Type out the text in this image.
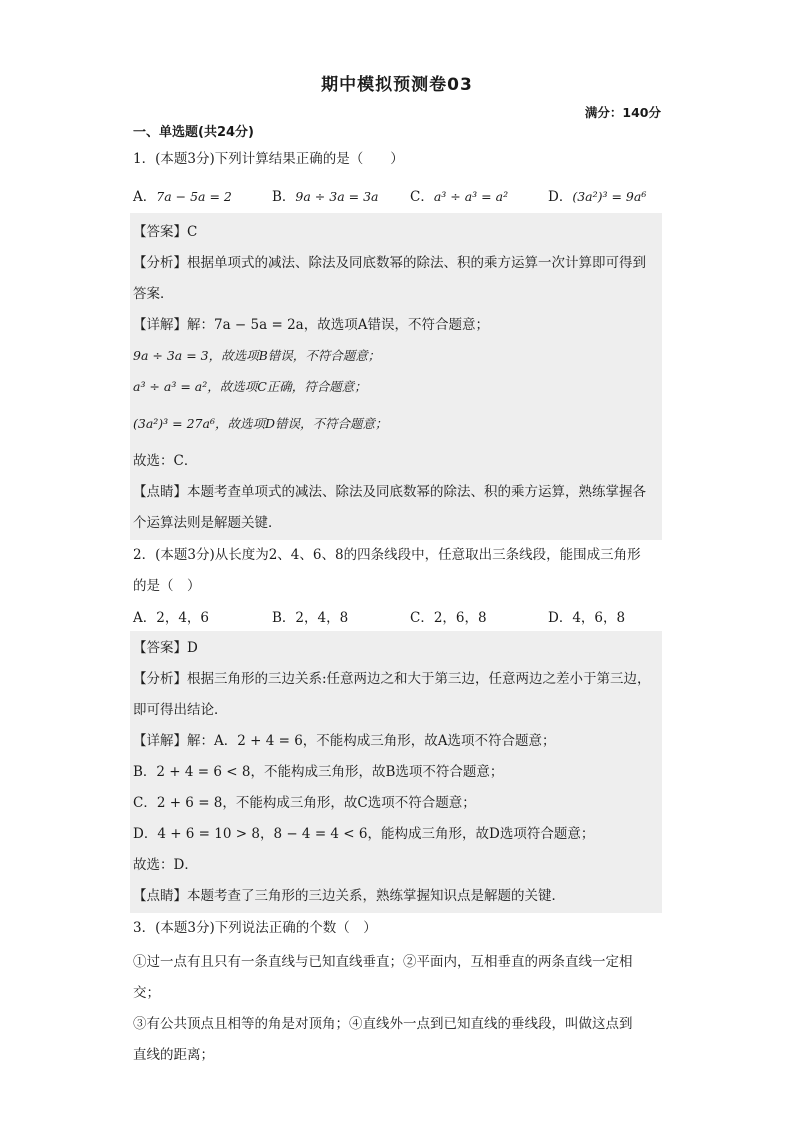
期中模拟预测卷03
满分：140分
一、单选题(共24分)
1．(本题3分)下列计算结果正确的是（　　）
A．7a − 5a = 2	B．9a ÷ 3a = 3a C．a³ ÷ a³ = a²	D．(3a²)³ = 9a⁶
【答案】C
【分析】根据单项式的减法、除法及同底数幂的除法、积的乘方运算一次计算即可得到
答案．
【详解】解：7a − 5a = 2a，故选项A错误，不符合题意；
9a ÷ 3a = 3，故选项B错误，不符合题意；
a³ ÷ a³ = a²，故选项C正确，符合题意；
(3a²)³ = 27a⁶，故选项D错误，不符合题意；
故选：C．
【点睛】本题考查单项式的减法、除法及同底数幂的除法、积的乘方运算，熟练掌握各
个运算法则是解题关键．
2．(本题3分)从长度为2、4、6、8的四条线段中，任意取出三条线段，能围成三角形
的是（　）
A．2，4，6	B．2，4，8	C．2，6，8	D．4，6，8
【答案】D
【分析】根据三角形的三边关系:任意两边之和大于第三边，任意两边之差小于第三边，
即可得出结论．
【详解】解：A．2 + 4 = 6，不能构成三角形，故A选项不符合题意；
B．2 + 4 = 6 < 8，不能构成三角形，故B选项不符合题意；
C．2 + 6 = 8，不能构成三角形，故C选项不符合题意；
D．4 + 6 = 10 > 8，8 − 4 = 4 < 6，能构成三角形，故D选项符合题意；
故选：D．
【点睛】本题考查了三角形的三边关系，熟练掌握知识点是解题的关键．
3．(本题3分)下列说法正确的个数（　）
①过一点有且只有一条直线与已知直线垂直；②平面内，互相垂直的两条直线一定相
交；
③有公共顶点且相等的角是对顶角；④直线外一点到已知直线的垂线段，叫做这点到
直线的距离；
